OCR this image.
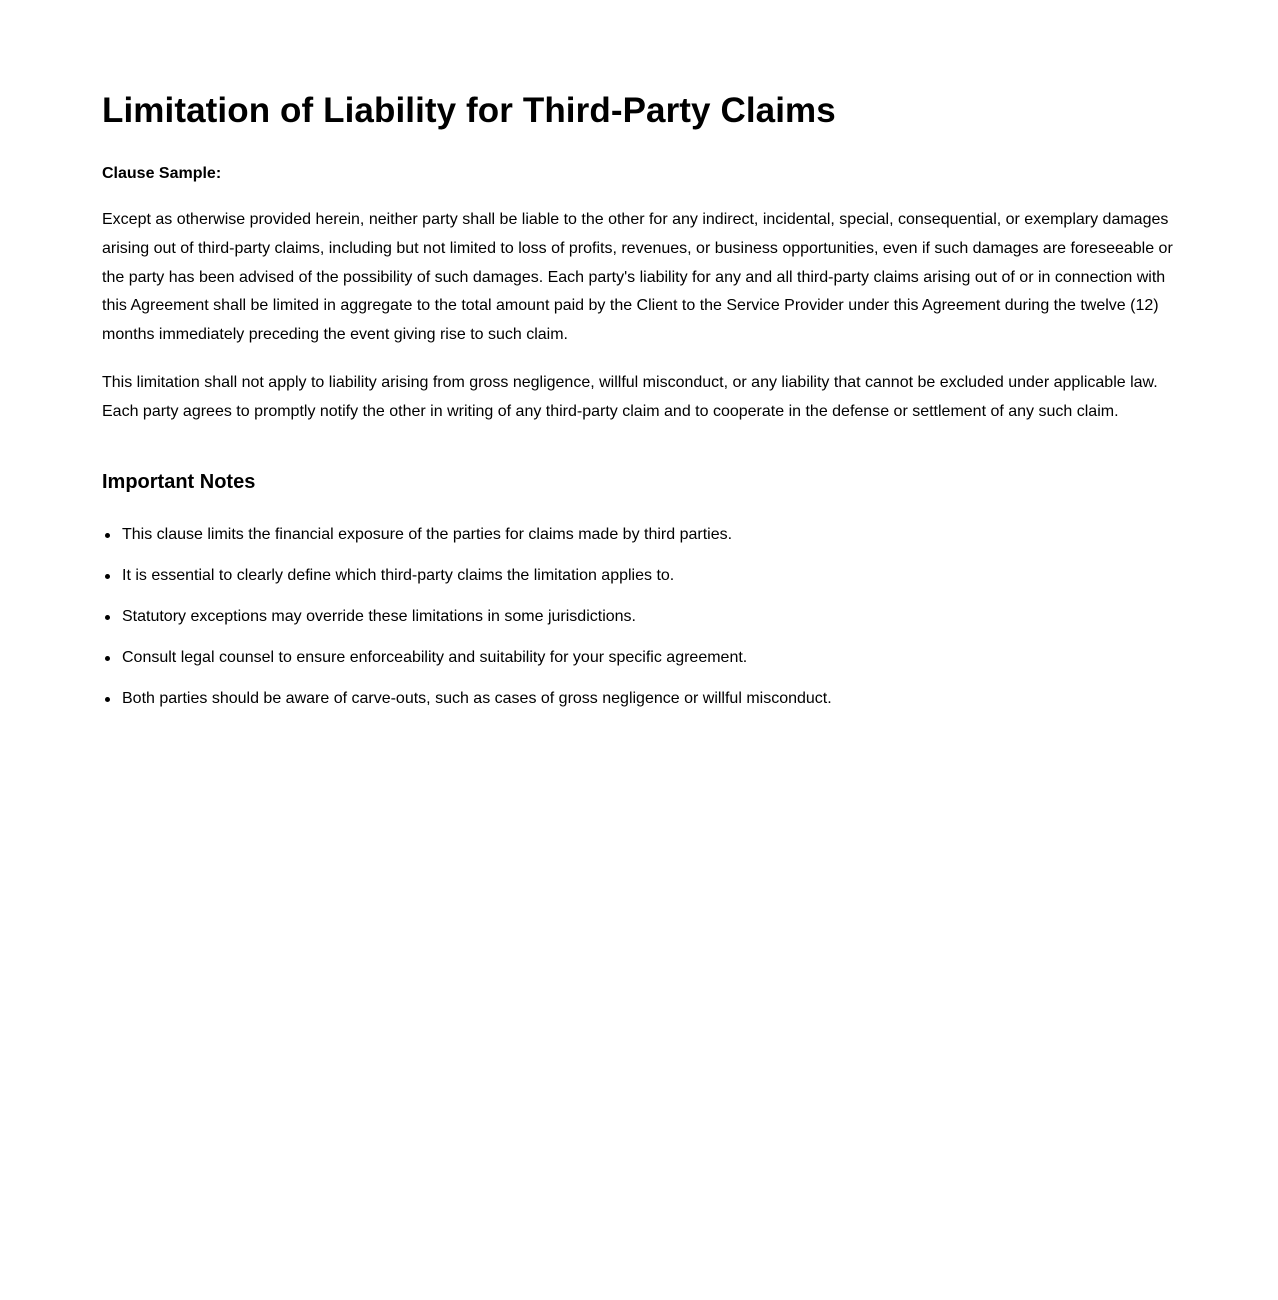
Limitation of Liability for Third-Party Claims

Clause Sample:

Except as otherwise provided herein, neither party shall be liable to the other for any indirect, incidental, special, consequential, or exemplary damages arising out of third-party claims, including but not limited to loss of profits, revenues, or business opportunities, even if such damages are foreseeable or the party has been advised of the possibility of such damages. Each party's liability for any and all third-party claims arising out of or in connection with this Agreement shall be limited in aggregate to the total amount paid by the Client to the Service Provider under this Agreement during the twelve (12) months immediately preceding the event giving rise to such claim.

This limitation shall not apply to liability arising from gross negligence, willful misconduct, or any liability that cannot be excluded under applicable law. Each party agrees to promptly notify the other in writing of any third-party claim and to cooperate in the defense or settlement of any such claim.

Important Notes
This clause limits the financial exposure of the parties for claims made by third parties.
It is essential to clearly define which third-party claims the limitation applies to.
Statutory exceptions may override these limitations in some jurisdictions.
Consult legal counsel to ensure enforceability and suitability for your specific agreement.
Both parties should be aware of carve-outs, such as cases of gross negligence or willful misconduct.
